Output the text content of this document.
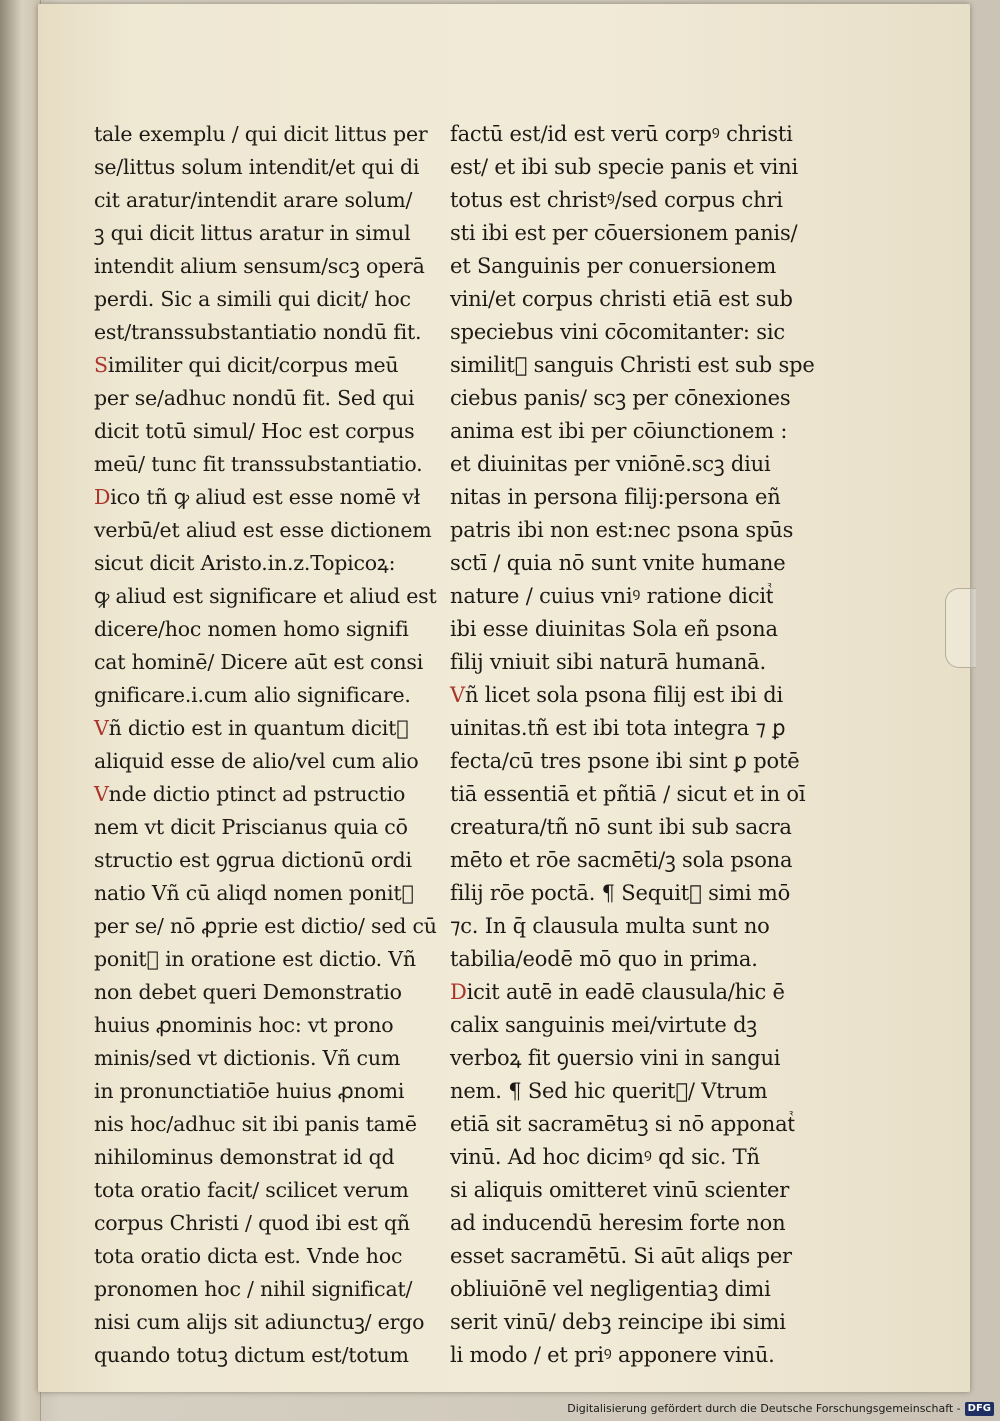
tale exemplu / qui dicit littus per
se/littus solum intendit/et qui di
cit aratur/intendit arare solum/
ꝫ qui dicit littus aratur in simul
intendit alium sensum/scꝫ operā
perdi. Sic a simili qui dicit/ hoc
est/transsubstantiatio nondū fit.
Similiter qui dicit/corpus meū
per se/adhuc nondū fit. Sed qui
dicit totū simul/ Hoc est corpus
meū/ tunc fit transsubstantiatio.
Dico tñ ꝙ aliud est esse nomē vł
verbū/et aliud est esse dictionem
sicut dicit Aristo.in.z.Topicoꝝ:
ꝙ aliud est significare et aliud est
dicere/hoc nomen homo signifi
cat hominē/ Dicere aūt est consi
gnificare.i.cum alio significare.
Vñ dictio est in quantum dicitᷣ
aliquid esse de alio/vel cum alio
Vnde dictio ptinct ad pstructio
nem vt dicit Priscianus quia cō
structio est ꝯgrua dictionū ordi
natio Vñ cū aliqd nomen ponitᷣ
per se/ nō ꝓprie est dictio/ sed cū
ponitᷣ in oratione est dictio. Vñ
non debet queri Demonstratio
huius ꝓnominis hoc: vt prono
minis/sed vt dictionis. Vñ cum
in pronunctiatiōe huius ꝓnomi
nis hoc/adhuc sit ibi panis tamē
nihilominus demonstrat id qd
tota oratio facit/ scilicet verum
corpus Christi / quod ibi est qñ
tota oratio dicta est. Vnde hoc
pronomen hoc / nihil significat/
nisi cum alijs sit adiunctuꝫ/ ergo
quando totuꝫ dictum est/totum
factū est/id est verū corpꝰ christi
est/ et ibi sub specie panis et vini
totus est christꝰ/sed corpus chri
sti ibi est per cōuersionem panis/
et Sanguinis per conuersionem
vini/et corpus christi etiā est sub
speciebus vini cōcomitanter: sic
similitᷣ sanguis Christi est sub spe
ciebus panis/ scꝫ per cōnexiones
anima est ibi per cōiunctionem :
et diuinitas per vniōnē.scꝫ diui
nitas in persona filij:persona eñ
patris ibi non est:nec psona spūs
sctī / quia nō sunt vnite humane
nature / cuius vniꝰ ratione dicitᷣ
ibi esse diuinitas Sola eñ psona
filij vniuit sibi naturā humanā.
Vñ licet sola psona filij est ibi di
uinitas.tñ est ibi tota integra ⁊ ꝑ
fecta/cū tres psone ibi sint ꝑ potē
tiā essentiā et pñtiā / sicut et in oī
creatura/tñ nō sunt ibi sub sacra
mēto et rōe sacmēti/ꝫ sola psona
filij rōe poctā. ¶ Sequitᷣ simi mō
⁊c. In q̄ clausula multa sunt no
tabilia/eodē mō quo in prima.
Dicit autē in eadē clausula/hic ē
calix sanguinis mei/virtute dꝫ
verboꝝ fit ꝯuersio vini in sangui
nem. ¶ Sed hic queritᷣ/ Vtrum
etiā sit sacramētuꝫ si nō apponatᷣ
vinū. Ad hoc dicimꝰ qd sic. Tñ
si aliquis omitteret vinū scienter
ad inducendū heresim forte non
esset sacramētū. Si aūt aliqs per
obliuiōnē vel negligentiaꝫ dimi
serit vinū/ debꝫ reincipe ibi simi
li modo / et priꝰ apponere vinū.
Digitalisierung gefördert durch die Deutsche Forschungsgemeinschaft - DFG
